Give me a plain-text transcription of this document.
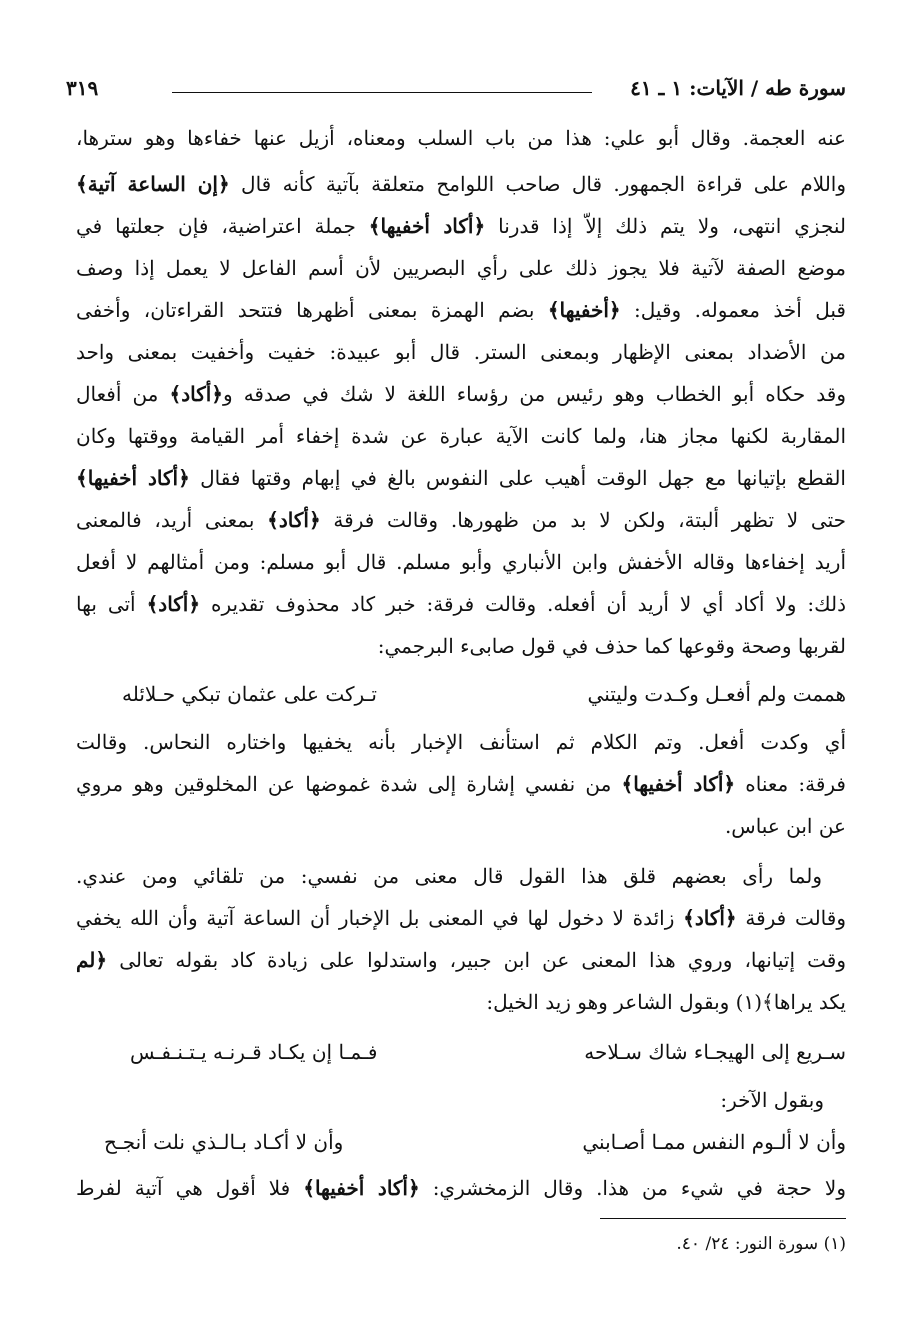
سورة طه / الآيات: ١ ـ ٤١
٣١٩
عنه العجمة. وقال أبو علي: هذا من باب السلب ومعناه، أزيل عنها خفاءها وهو سترها،
واللام على قراءة الجمهور. قال صاحب اللوامح متعلقة بآتية كأنه قال ﴿إن الساعة آتية﴾
لنجزي انتهى، ولا يتم ذلك إلاّ إذا قدرنا ﴿أكاد أخفيها﴾ جملة اعتراضية، فإن جعلتها في
موضع الصفة لآتية فلا يجوز ذلك على رأي البصريين لأن أسم الفاعل لا يعمل إذا وصف
قبل أخذ معموله. وقيل: ﴿أخفيها﴾ بضم الهمزة بمعنى أظهرها فتتحد القراءتان، وأخفى
من الأضداد بمعنى الإظهار وبمعنى الستر. قال أبو عبيدة: خفيت وأخفيت بمعنى واحد
وقد حكاه أبو الخطاب وهو رئيس من رؤساء اللغة لا شك في صدقه و﴿أكاد﴾ من أفعال
المقاربة لكنها مجاز هنا، ولما كانت الآية عبارة عن شدة إخفاء أمر القيامة ووقتها وكان
القطع بإتيانها مع جهل الوقت أهيب على النفوس بالغ في إبهام وقتها فقال ﴿أكاد أخفيها﴾
حتى لا تظهر ألبتة، ولكن لا بد من ظهورها. وقالت فرقة ﴿أكاد﴾ بمعنى أريد، فالمعنى
أريد إخفاءها وقاله الأخفش وابن الأنباري وأبو مسلم. قال أبو مسلم: ومن أمثالهم لا أفعل
ذلك: ولا أكاد أي لا أريد أن أفعله. وقالت فرقة: خبر كاد محذوف تقديره ﴿أكاد﴾ أتى بها
لقربها وصحة وقوعها كما حذف في قول صابىء البرجمي:
هممت ولم أفعـل وكـدت وليتني
تـركت على عثمان تبكي حـلائله
أي وكدت أفعل. وتم الكلام ثم استأنف الإخبار بأنه يخفيها واختاره النحاس. وقالت
فرقة: معناه ﴿أكاد أخفيها﴾ من نفسي إشارة إلى شدة غموضها عن المخلوقين وهو مروي
عن ابن عباس.
ولما رأى بعضهم قلق هذا القول قال معنى من نفسي: من تلقائي ومن عندي.
وقالت فرقة ﴿أكاد﴾ زائدة لا دخول لها في المعنى بل الإخبار أن الساعة آتية وأن الله يخفي
وقت إتيانها، وروي هذا المعنى عن ابن جبير، واستدلوا على زيادة كاد بقوله تعالى ﴿لم
يكد يراها﴾(١) وبقول الشاعر وهو زيد الخيل:
سـريع إلى الهيجـاء شاك سـلاحه
فـمـا إن يكـاد قـرنـه يـتـنـفـس
وبقول الآخر:
وأن لا ألـوم النفس ممـا أصـابني
وأن لا أكـاد بـالـذي نلت أنجـح
ولا حجة في شيء من هذا. وقال الزمخشري: ﴿أكاد أخفيها﴾ فلا أقول هي آتية لفرط
(١) سورة النور: ٢٤/ ٤٠.
